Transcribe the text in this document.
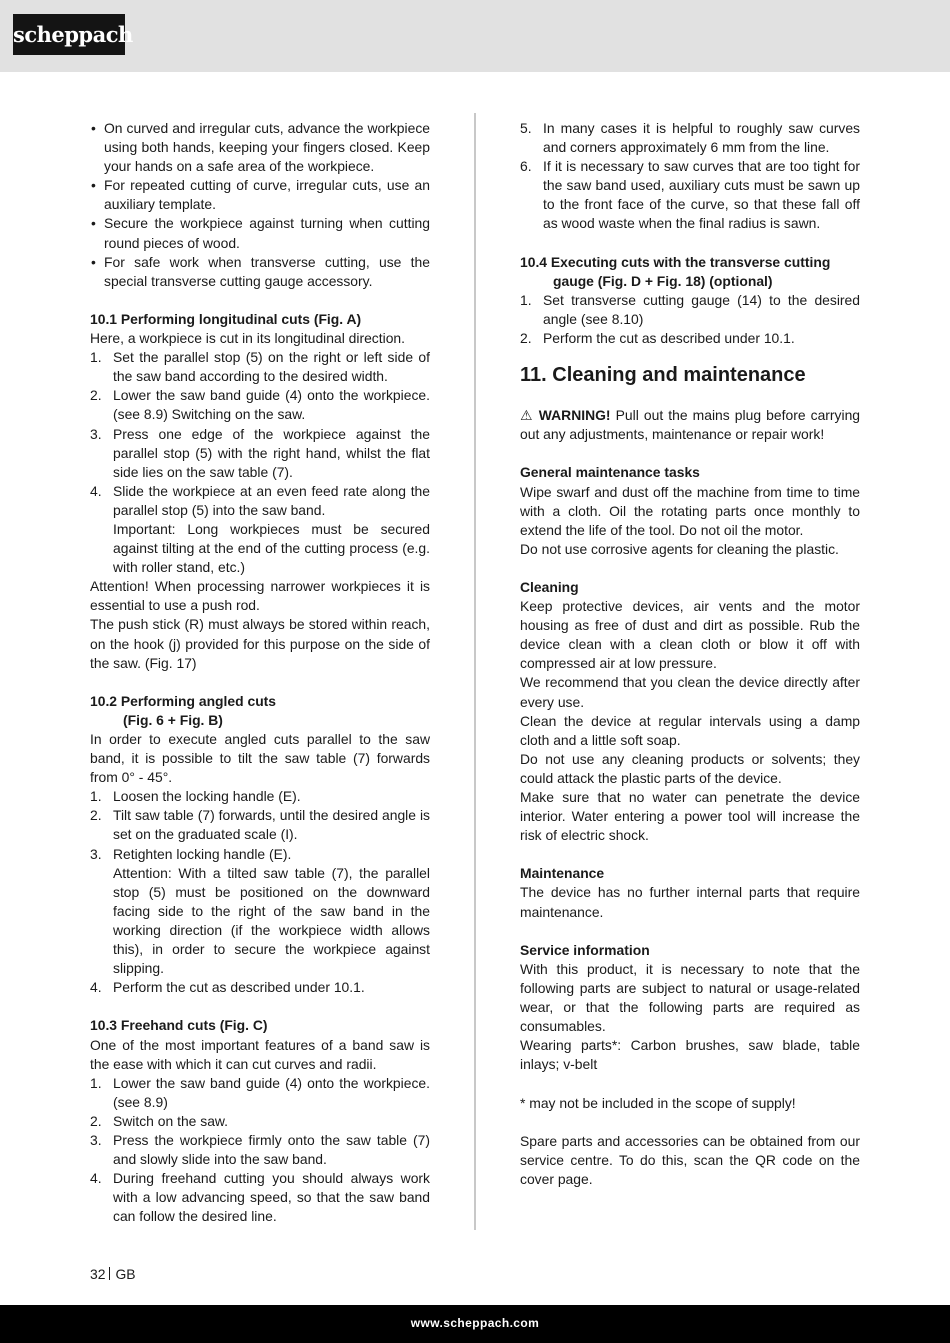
scheppach
• On curved and irregular cuts, advance the workpiece using both hands, keeping your fingers closed. Keep your hands on a safe area of the workpiece.
• For repeated cutting of curve, irregular cuts, use an auxiliary template.
• Secure the workpiece against turning when cutting round pieces of wood.
• For safe work when transverse cutting, use the special transverse cutting gauge accessory.
10.1 Performing longitudinal cuts (Fig. A)
Here, a workpiece is cut in its longitudinal direction.
1. Set the parallel stop (5) on the right or left side of the saw band according to the desired width.
2. Lower the saw band guide (4) onto the workpiece. (see 8.9) Switching on the saw.
3. Press one edge of the workpiece against the parallel stop (5) with the right hand, whilst the flat side lies on the saw table (7).
4. Slide the workpiece at an even feed rate along the parallel stop (5) into the saw band.
Important: Long workpieces must be secured against tilting at the end of the cutting process (e.g. with roller stand, etc.)
Attention! When processing narrower workpieces it is essential to use a push rod.
The push stick (R) must always be stored within reach, on the hook (j) provided for this purpose on the side of the saw. (Fig. 17)
10.2 Performing angled cuts
(Fig. 6 + Fig. B)
In order to execute angled cuts parallel to the saw band, it is possible to tilt the saw table (7) forwards from 0° - 45°.
1. Loosen the locking handle (E).
2. Tilt saw table (7) forwards, until the desired angle is set on the graduated scale (I).
3. Retighten locking handle (E).
Attention: With a tilted saw table (7), the parallel stop (5) must be positioned on the downward facing side to the right of the saw band in the working direction (if the workpiece width allows this), in order to secure the workpiece against slipping.
4. Perform the cut as described under 10.1.
10.3 Freehand cuts (Fig. C)
One of the most important features of a band saw is the ease with which it can cut curves and radii.
1. Lower the saw band guide (4) onto the workpiece. (see 8.9)
2. Switch on the saw.
3. Press the workpiece firmly onto the saw table (7) and slowly slide into the saw band.
4. During freehand cutting you should always work with a low advancing speed, so that the saw band can follow the desired line.
5. In many cases it is helpful to roughly saw curves and corners approximately 6 mm from the line.
6. If it is necessary to saw curves that are too tight for the saw band used, auxiliary cuts must be sawn up to the front face of the curve, so that these fall off as wood waste when the final radius is sawn.
10.4 Executing cuts with the transverse cutting gauge (Fig. D + Fig. 18) (optional)
1. Set transverse cutting gauge (14) to the desired angle (see 8.10)
2. Perform the cut as described under 10.1.
11. Cleaning and maintenance
⚠ WARNING! Pull out the mains plug before carrying out any adjustments, maintenance or repair work!
General maintenance tasks
Wipe swarf and dust off the machine from time to time with a cloth. Oil the rotating parts once monthly to extend the life of the tool. Do not oil the motor.
Do not use corrosive agents for cleaning the plastic.
Cleaning
Keep protective devices, air vents and the motor housing as free of dust and dirt as possible. Rub the device clean with a clean cloth or blow it off with compressed air at low pressure.
We recommend that you clean the device directly after every use.
Clean the device at regular intervals using a damp cloth and a little soft soap.
Do not use any cleaning products or solvents; they could attack the plastic parts of the device.
Make sure that no water can penetrate the device interior. Water entering a power tool will increase the risk of electric shock.
Maintenance
The device has no further internal parts that require maintenance.
Service information
With this product, it is necessary to note that the following parts are subject to natural or usage-related wear, or that the following parts are required as consumables.
Wearing parts*: Carbon brushes, saw blade, table inlays; v-belt
* may not be included in the scope of supply!
Spare parts and accessories can be obtained from our service centre. To do this, scan the QR code on the cover page.
32 GB
www.scheppach.com
